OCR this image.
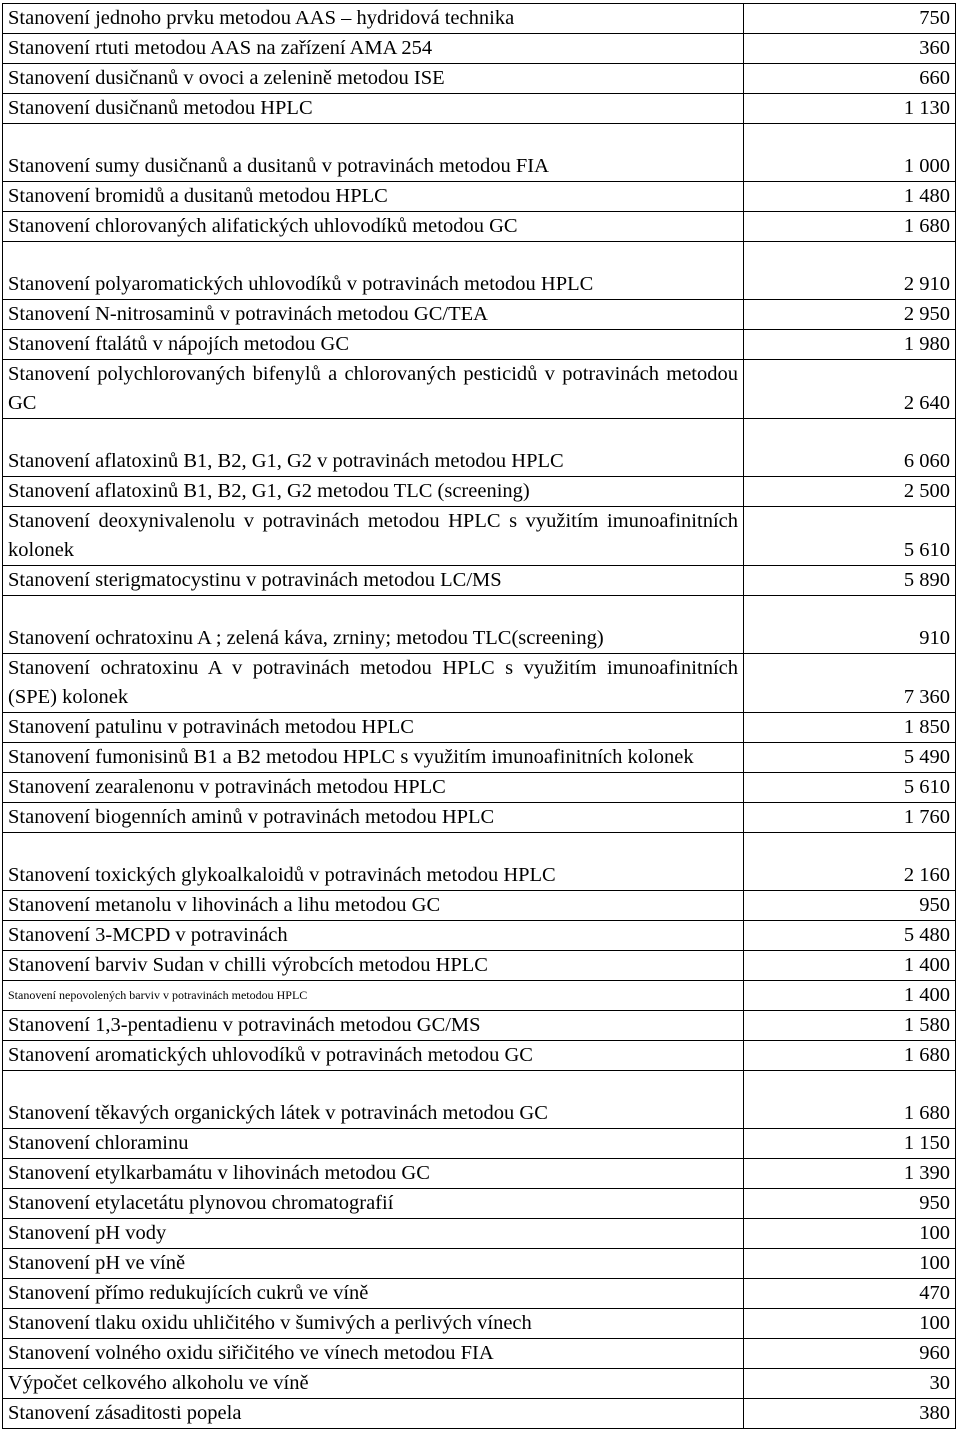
Stanovení jednoho prvku metodou AAS – hydridová technika	750
Stanovení rtuti metodou AAS na zařízení AMA 254	360
Stanovení dusičnanů v ovoci a zelenině metodou ISE	660
Stanovení dusičnanů metodou HPLC	1 130
Stanovení sumy dusičnanů a dusitanů v potravinách metodou FIA	1 000
Stanovení bromidů a dusitanů metodou HPLC	1 480
Stanovení chlorovaných alifatických uhlovodíků metodou GC	1 680
Stanovení polyaromatických uhlovodíků v potravinách metodou HPLC	2 910
Stanovení N-nitrosaminů v potravinách metodou GC/TEA	2 950
Stanovení ftalátů v nápojích metodou GC	1 980
Stanovení polychlorovaných bifenylů a chlorovaných pesticidů v potravinách metodou GC	2 640
Stanovení aflatoxinů B1, B2, G1, G2 v potravinách metodou HPLC	6 060
Stanovení aflatoxinů B1, B2, G1, G2 metodou TLC (screening)	2 500
Stanovení deoxynivalenolu v potravinách metodou HPLC s využitím imunoafinitních kolonek	5 610
Stanovení sterigmatocystinu v potravinách metodou LC/MS	5 890
Stanovení ochratoxinu A ; zelená káva, zrniny; metodou TLC(screening)	910
Stanovení ochratoxinu A v potravinách metodou HPLC s využitím imunoafinitních (SPE) kolonek	7 360
Stanovení patulinu v potravinách metodou HPLC	1 850
Stanovení fumonisinů B1 a B2 metodou HPLC s využitím imunoafinitních kolonek	5 490
Stanovení zearalenonu v potravinách metodou HPLC	5 610
Stanovení biogenních aminů v potravinách metodou HPLC	1 760
Stanovení toxických glykoalkaloidů v potravinách metodou HPLC	2 160
Stanovení metanolu v lihovinách a lihu metodou GC	950
Stanovení 3-MCPD v potravinách	5 480
Stanovení barviv Sudan v chilli výrobcích metodou HPLC	1 400
Stanovení nepovolených barviv v potravinách metodou HPLC	1 400
Stanovení 1,3-pentadienu v potravinách metodou GC/MS	1 580
Stanovení aromatických uhlovodíků v potravinách metodou GC	1 680
Stanovení těkavých organických látek v potravinách metodou GC	1 680
Stanovení chloraminu	1 150
Stanovení etylkarbamátu v lihovinách metodou GC	1 390
Stanovení etylacetátu plynovou chromatografií	950
Stanovení pH vody	100
Stanovení pH ve víně	100
Stanovení přímo redukujících cukrů ve víně	470
Stanovení tlaku oxidu uhličitého v šumivých a perlivých vínech	100
Stanovení volného oxidu siřičitého ve vínech metodou FIA	960
Výpočet celkového alkoholu ve víně	30
Stanovení zásaditosti popela	380
